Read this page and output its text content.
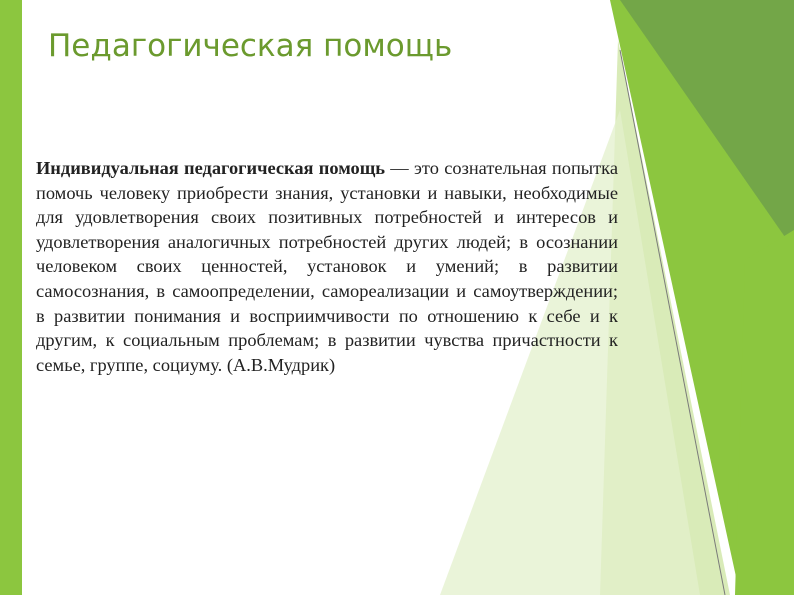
Педагогическая помощь

Индивидуальная педагогическая помощь — это сознательная попытка помочь человеку приобрести знания, установки и навыки, необходимые для удовлетворения своих позитивных потребностей и интересов и удовлетворения аналогичных потребностей других людей; в осознании человеком своих ценностей, установок и умений; в развитии самосознания, в самоопределении, самореализации и самоутверждении; в развитии понимания и восприимчивости по отношению к себе и к другим, к социальным проблемам; в развитии чувства причастности к семье, группе, социуму. (А.В.Мудрик)
